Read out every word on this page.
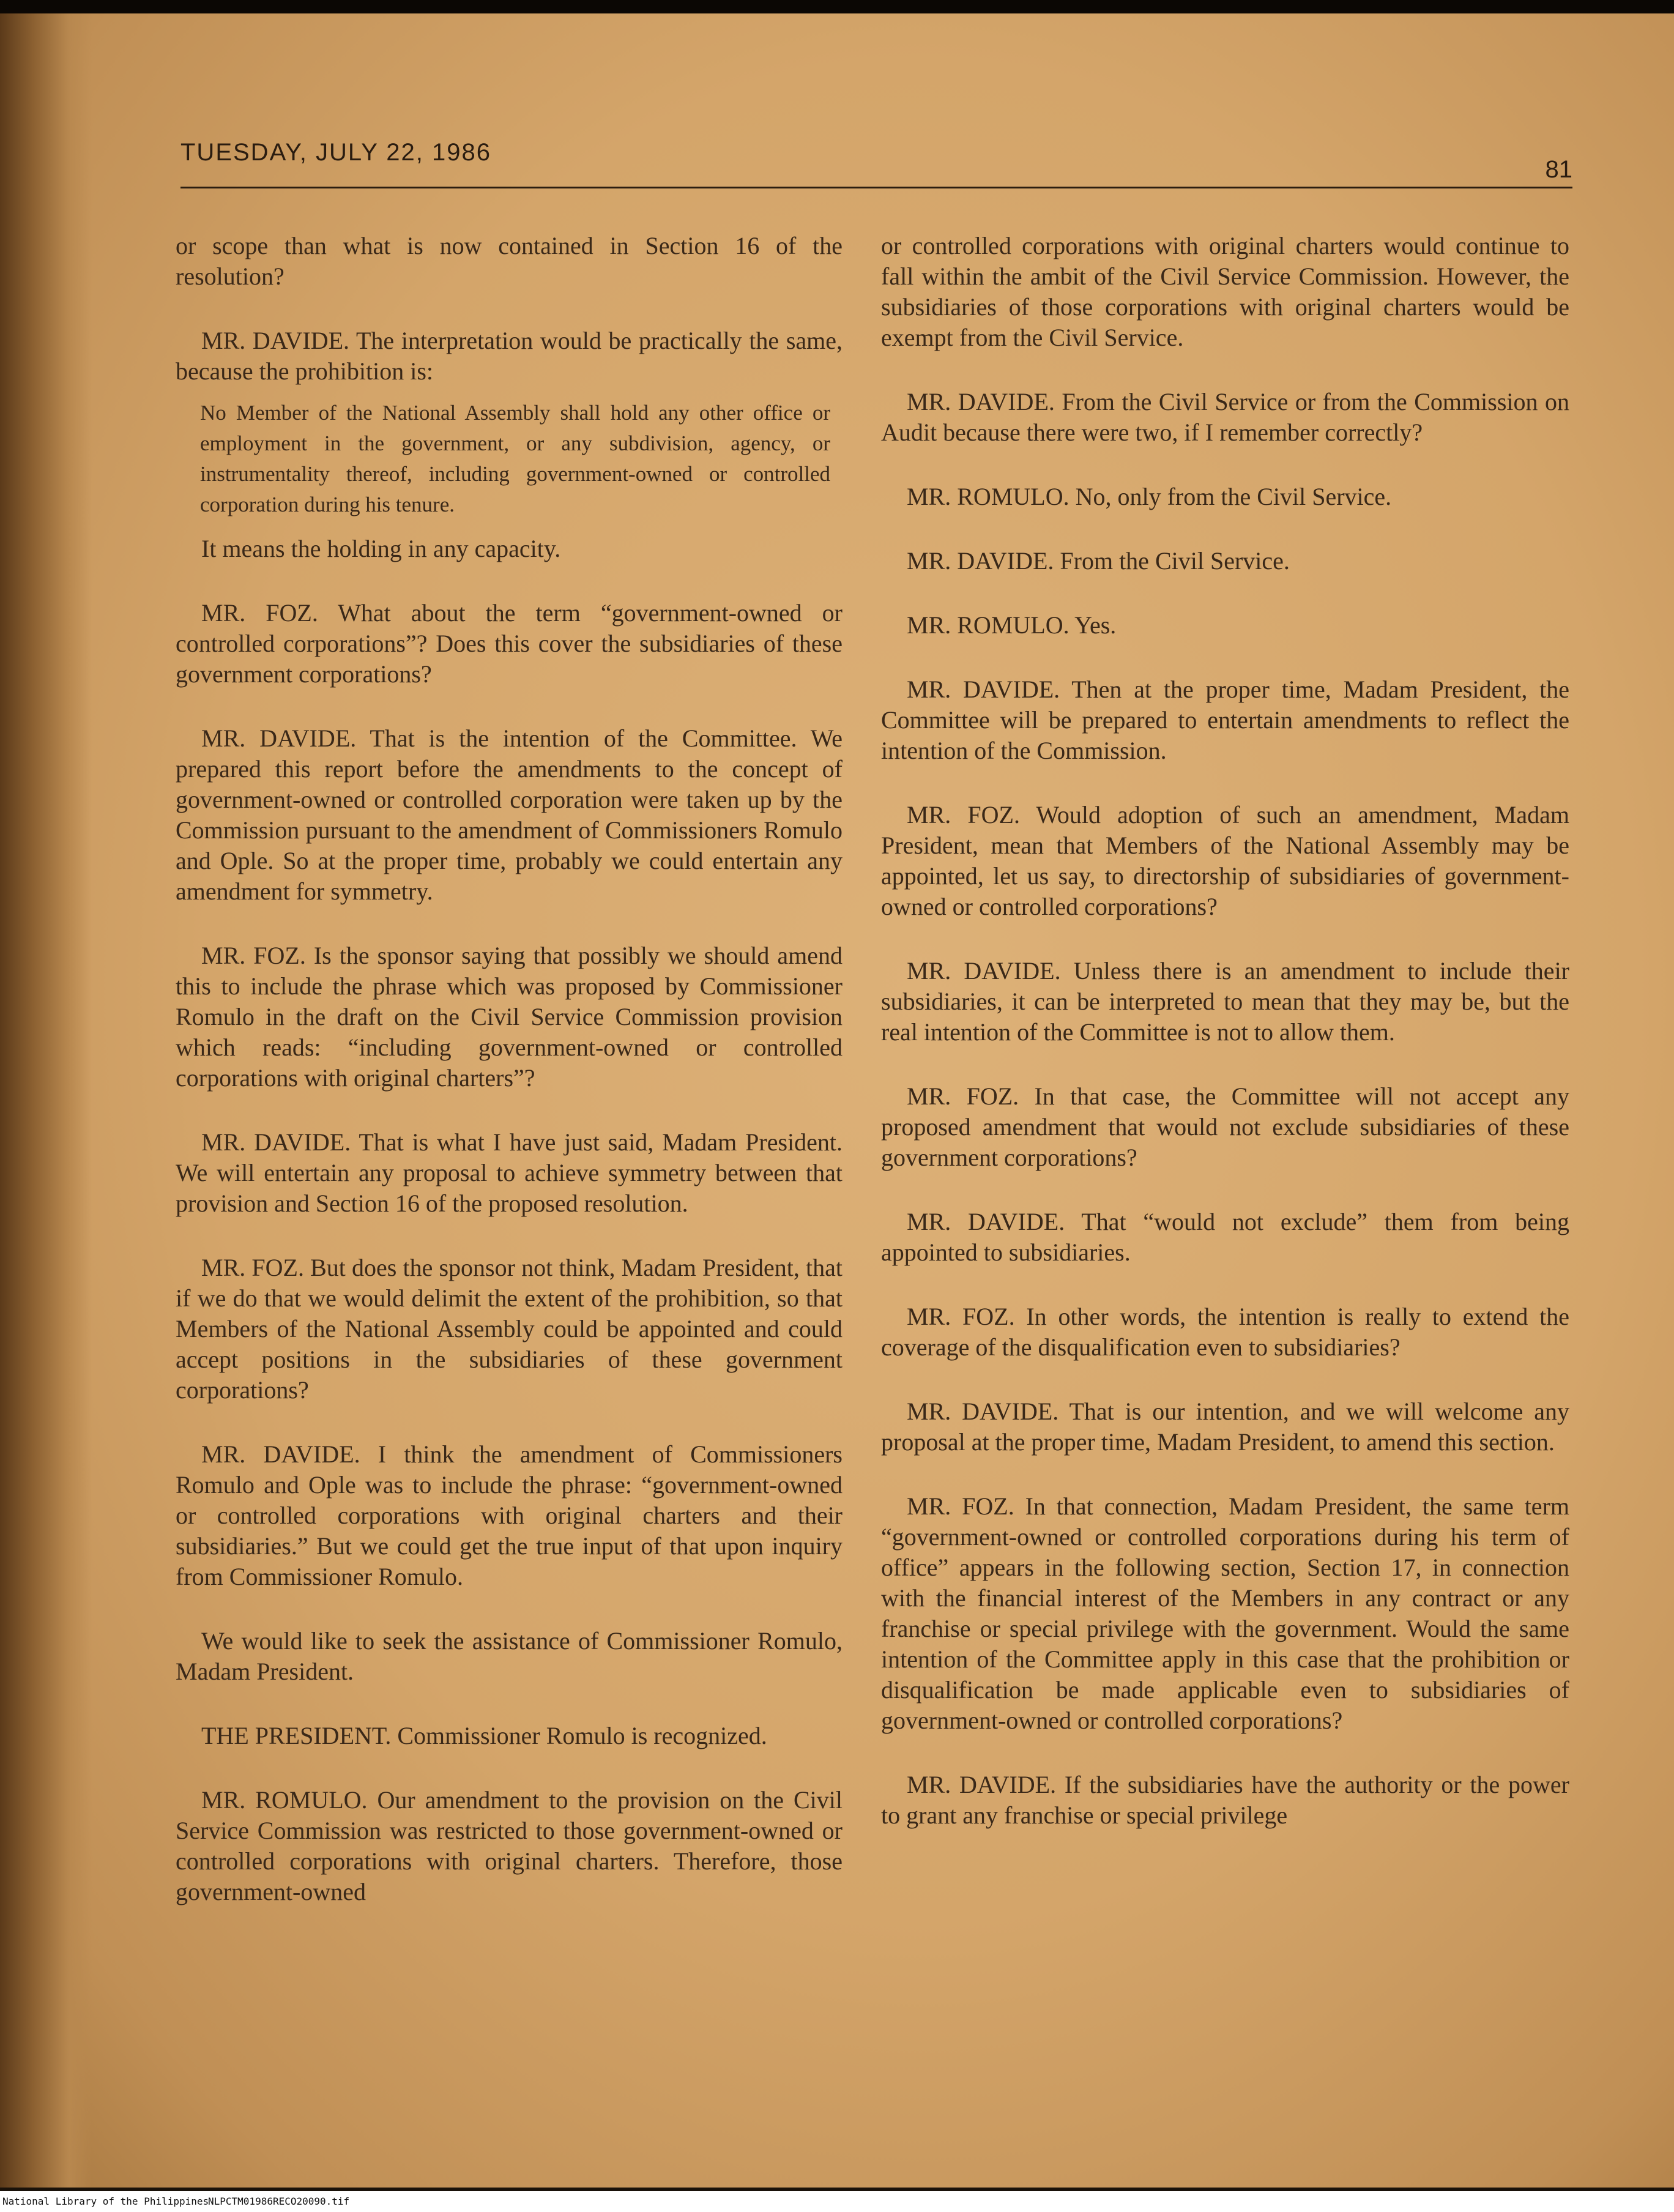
TUESDAY, JULY 22, 1986
81

or scope than what is now contained in Section 16 of the resolution?

MR. DAVIDE. The interpretation would be practically the same, because the prohibition is:

No Member of the National Assembly shall hold any other office or employment in the government, or any subdivision, agency, or instrumentality thereof, including government-owned or controlled corporation during his tenure.

It means the holding in any capacity.

MR. FOZ. What about the term “government-owned or controlled corporations”? Does this cover the subsidiaries of these government corporations?

MR. DAVIDE. That is the intention of the Committee. We prepared this report before the amendments to the concept of government-owned or controlled corporation were taken up by the Commission pursuant to the amendment of Commissioners Romulo and Ople. So at the proper time, probably we could entertain any amendment for symmetry.

MR. FOZ. Is the sponsor saying that possibly we should amend this to include the phrase which was proposed by Commissioner Romulo in the draft on the Civil Service Commission provision which reads: “including government-owned or controlled corporations with original charters”?

MR. DAVIDE. That is what I have just said, Madam President. We will entertain any proposal to achieve symmetry between that provision and Section 16 of the proposed resolution.

MR. FOZ. But does the sponsor not think, Madam President, that if we do that we would delimit the extent of the prohibition, so that Members of the National Assembly could be appointed and could accept positions in the subsidiaries of these government corporations?

MR. DAVIDE. I think the amendment of Commissioners Romulo and Ople was to include the phrase: “government-owned or controlled corporations with original charters and their subsidiaries.” But we could get the true input of that upon inquiry from Commissioner Romulo.

We would like to seek the assistance of Commissioner Romulo, Madam President.

THE PRESIDENT. Commissioner Romulo is recognized.

MR. ROMULO. Our amendment to the provision on the Civil Service Commission was restricted to those government-owned or controlled corporations with original charters. Therefore, those government-owned

or controlled corporations with original charters would continue to fall within the ambit of the Civil Service Commission. However, the subsidiaries of those corporations with original charters would be exempt from the Civil Service.

MR. DAVIDE. From the Civil Service or from the Commission on Audit because there were two, if I remember correctly?

MR. ROMULO. No, only from the Civil Service.

MR. DAVIDE. From the Civil Service.

MR. ROMULO. Yes.

MR. DAVIDE. Then at the proper time, Madam President, the Committee will be prepared to entertain amendments to reflect the intention of the Commission.

MR. FOZ. Would adoption of such an amendment, Madam President, mean that Members of the National Assembly may be appointed, let us say, to directorship of subsidiaries of government-owned or controlled corporations?

MR. DAVIDE. Unless there is an amendment to include their subsidiaries, it can be interpreted to mean that they may be, but the real intention of the Committee is not to allow them.

MR. FOZ. In that case, the Committee will not accept any proposed amendment that would not exclude subsidiaries of these government corporations?

MR. DAVIDE. That “would not exclude” them from being appointed to subsidiaries.

MR. FOZ. In other words, the intention is really to extend the coverage of the disqualification even to subsidiaries?

MR. DAVIDE. That is our intention, and we will welcome any proposal at the proper time, Madam President, to amend this section.

MR. FOZ. In that connection, Madam President, the same term “government-owned or controlled corporations during his term of office” appears in the following section, Section 17, in connection with the financial interest of the Members in any contract or any franchise or special privilege with the government. Would the same intention of the Committee apply in this case that the prohibition or disqualification be made applicable even to subsidiaries of government-owned or controlled corporations?

MR. DAVIDE. If the subsidiaries have the authority or the power to grant any franchise or special privilege

National Library of the Philippines
NLPCTM01986RECO20090.tif
